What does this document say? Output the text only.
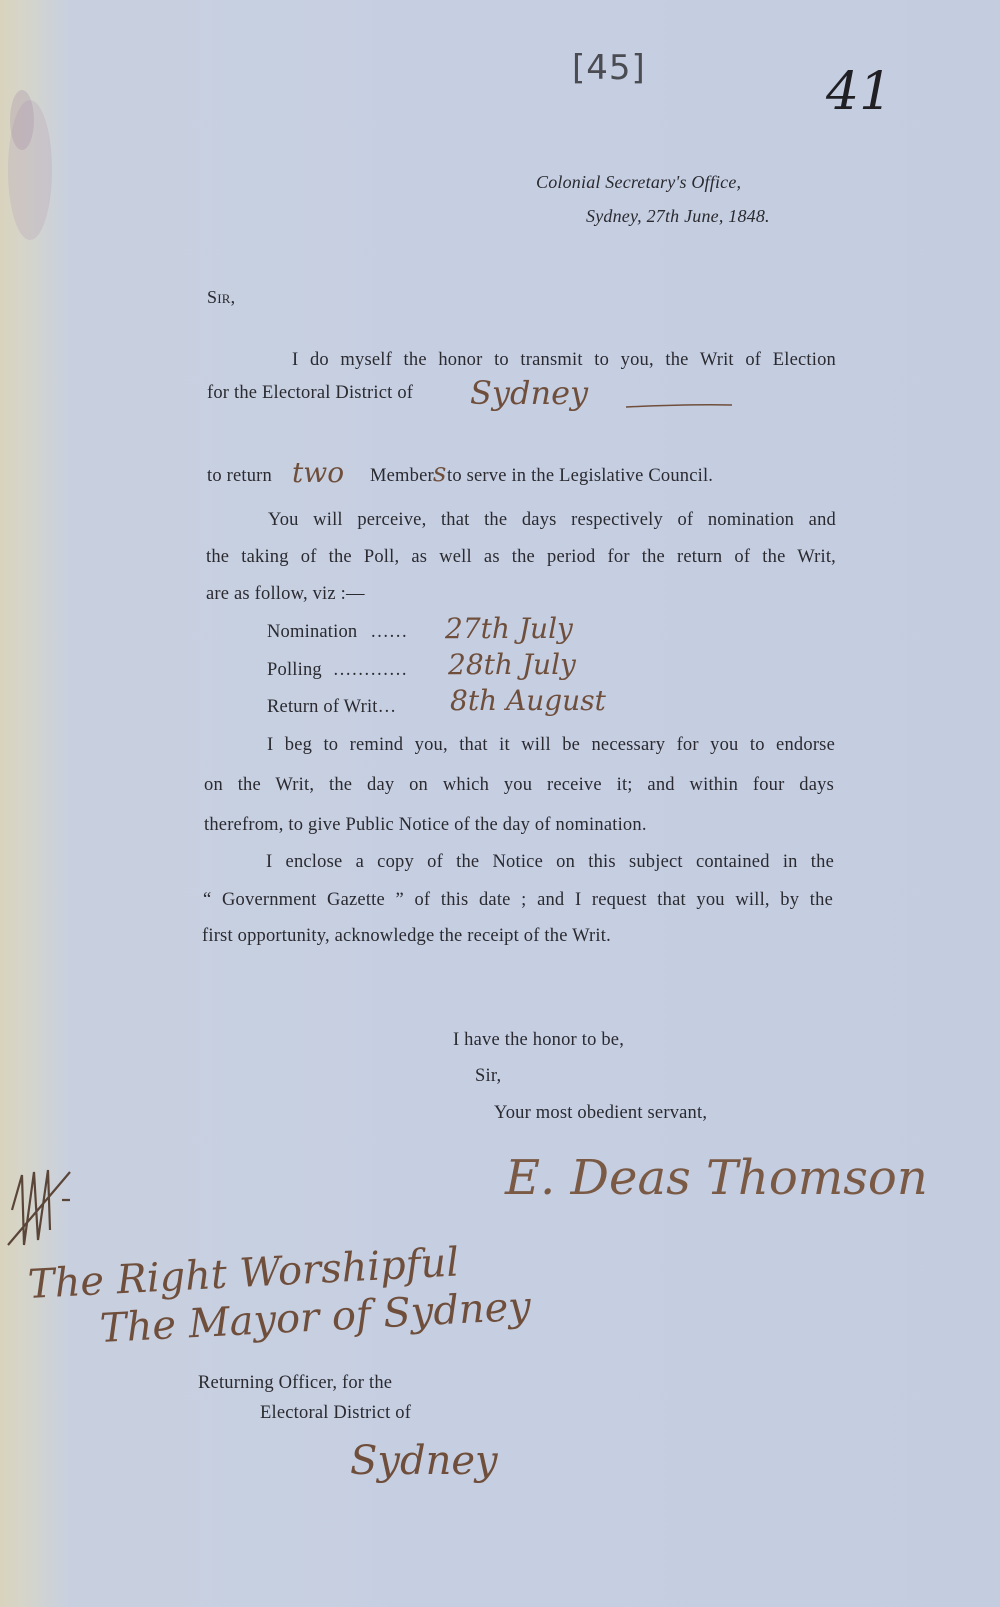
[45]	41
Colonial Secretary's Office,
Sydney, 27th June, 1848.
Sir,
I do myself the honor to transmit to you, the Writ of Election
for the Electoral District of Sydney
to return two Member s to serve in the Legislative Council.
You will perceive, that the days respectively of nomination and
the taking of the Poll, as well as the period for the return of the Writ,
are as follow, viz :—
Nomination …… 27th July
Polling ………… 28th July
Return of Writ… 8th August
I beg to remind you, that it will be necessary for you to endorse
on the Writ, the day on which you receive it; and within four days
therefrom, to give Public Notice of the day of nomination.
I enclose a copy of the Notice on this subject contained in the
“ Government Gazette ” of this date ; and I request that you will, by the
first opportunity, acknowledge the receipt of the Writ.
I have the honor to be,
Sir,
Your most obedient servant,
E. Deas Thomson
The Right Worshipful
The Mayor of Sydney
Returning Officer, for the
Electoral District of
Sydney
